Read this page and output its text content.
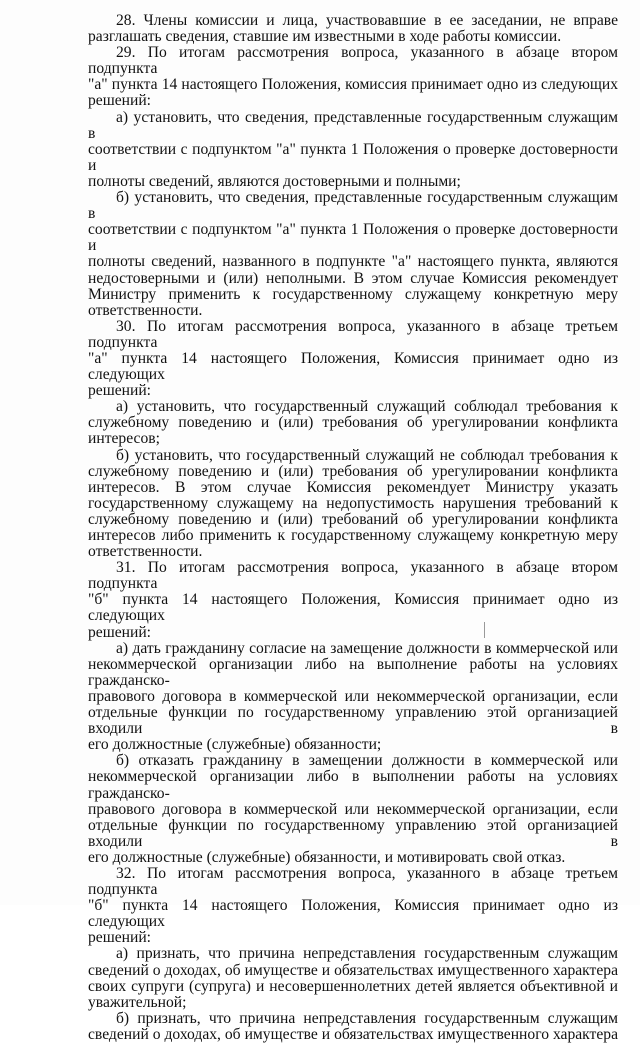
28. Члены комиссии и лица, участвовавшие в ее заседании, не вправе
разглашать сведения, ставшие им известными в ходе работы комиссии.
29. По итогам рассмотрения вопроса, указанного в абзаце втором подпункта
"а" пункта 14 настоящего Положения, комиссия принимает одно из следующих
решений:
а) установить, что сведения, представленные государственным служащим в
соответствии с подпунктом "а" пункта 1 Положения о проверке достоверности и
полноты сведений, являются достоверными и полными;
б) установить, что сведения, представленные государственным служащим в
соответствии с подпунктом "а" пункта 1 Положения о проверке достоверности и
полноты сведений, названного в подпункте "а" настоящего пункта, являются
недостоверными и (или) неполными. В этом случае Комиссия рекомендует
Министру применить к государственному служащему конкретную меру
ответственности.
30. По итогам рассмотрения вопроса, указанного в абзаце третьем подпункта
"а" пункта 14 настоящего Положения, Комиссия принимает одно из следующих
решений:
а) установить, что государственный служащий соблюдал требования к
служебному поведению и (или) требования об урегулировании конфликта
интересов;
б) установить, что государственный служащий не соблюдал требования к
служебному поведению и (или) требования об урегулировании конфликта
интересов. В этом случае Комиссия рекомендует Министру указать
государственному служащему на недопустимость нарушения требований к
служебному поведению и (или) требований об урегулировании конфликта
интересов либо применить к государственному служащему конкретную меру
ответственности.
31. По итогам рассмотрения вопроса, указанного в абзаце втором подпункта
"б" пункта 14 настоящего Положения, Комиссия принимает одно из следующих
решений:
а) дать гражданину согласие на замещение должности в коммерческой или
некоммерческой организации либо на выполнение работы на условиях гражданско-
правового договора в коммерческой или некоммерческой организации, если
отдельные функции по государственному управлению этой организацией входили в
его должностные (служебные) обязанности;
б) отказать гражданину в замещении должности в коммерческой или
некоммерческой организации либо в выполнении работы на условиях гражданско-
правового договора в коммерческой или некоммерческой организации, если
отдельные функции по государственному управлению этой организацией входили в
его должностные (служебные) обязанности, и мотивировать свой отказ.
32. По итогам рассмотрения вопроса, указанного в абзаце третьем подпункта
"б" пункта 14 настоящего Положения, Комиссия принимает одно из следующих
решений:
а) признать, что причина непредставления государственным служащим
сведений о доходах, об имуществе и обязательствах имущественного характера
своих супруги (супруга) и несовершеннолетних детей является объективной и
уважительной;
б) признать, что причина непредставления государственным служащим
сведений о доходах, об имуществе и обязательствах имущественного характера
